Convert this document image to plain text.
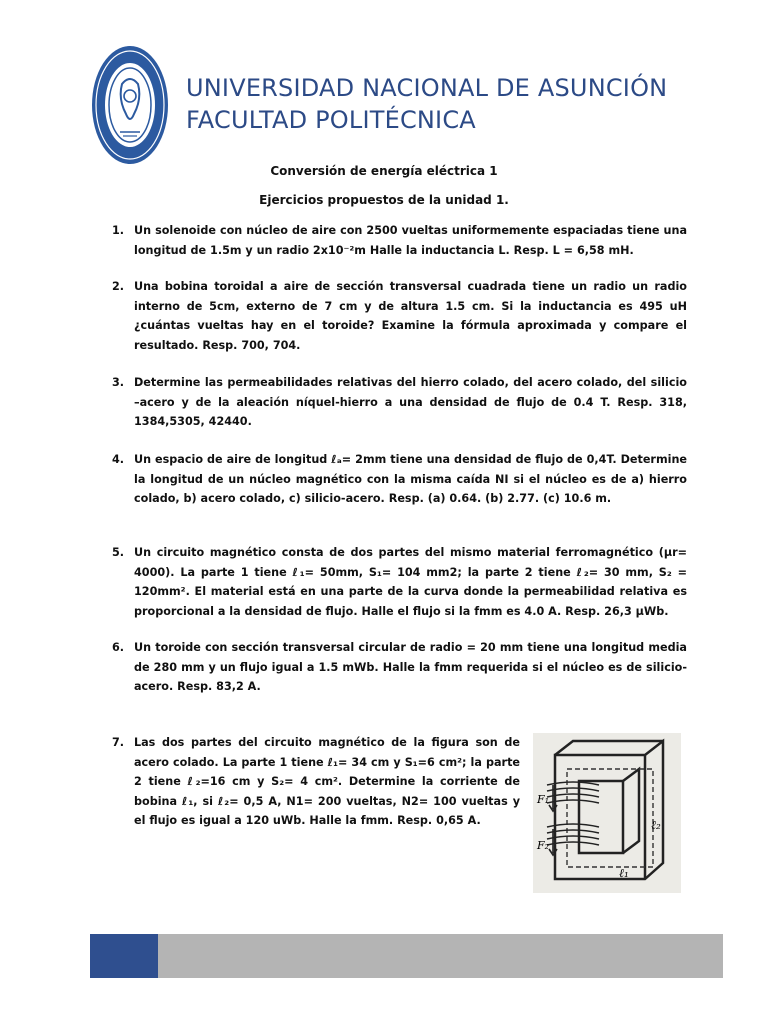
UNIVERSIDAD NACIONAL DE ASUNCIÓN
FACULTAD POLITÉCNICA
Conversión de energía eléctrica 1
Ejercicios propuestos de la unidad 1.
1. Un solenoide con núcleo de aire con 2500 vueltas uniformemente espaciadas tiene una longitud de 1.5m y un radio 2x10⁻²m Halle la inductancia L. Resp. L = 6,58 mH.
2. Una bobina toroidal a aire de sección transversal cuadrada tiene un radio un radio interno de 5cm, externo de 7 cm y de altura 1.5 cm. Si la inductancia es 495 uH ¿cuántas vueltas hay en el toroide? Examine la fórmula aproximada y compare el resultado. Resp. 700, 704.
3. Determine las permeabilidades relativas del hierro colado, del acero colado, del silicio –acero y de la aleación níquel-hierro a una densidad de flujo de 0.4 T. Resp. 318, 1384,5305, 42440.
4. Un espacio de aire de longitud ℓₐ= 2mm tiene una densidad de flujo de 0,4T. Determine la longitud de un núcleo magnético con la misma caída NI si el núcleo es de a) hierro colado, b) acero colado, c) silicio-acero. Resp. (a) 0.64. (b) 2.77. (c) 10.6 m.
5. Un circuito magnético consta de dos partes del mismo material ferromagnético (μr= 4000). La parte 1 tiene ℓ₁= 50mm, S₁= 104 mm2; la parte 2 tiene ℓ₂= 30 mm, S₂ = 120mm². El material está en una parte de la curva donde la permeabilidad relativa es proporcional a la densidad de flujo. Halle el flujo si la fmm es 4.0 A. Resp. 26,3 μWb.
6. Un toroide con sección transversal circular de radio = 20 mm tiene una longitud media de 280 mm y un flujo igual a 1.5 mWb. Halle la fmm requerida si el núcleo es de silicio-acero. Resp. 83,2 A.
7. Las dos partes del circuito magnético de la figura son de acero colado. La parte 1 tiene ℓ₁= 34 cm y S₁=6 cm²; la parte 2 tiene ℓ₂=16 cm y S₂= 4 cm². Determine la corriente de bobina ℓ₁, si ℓ₂= 0,5 A, N1= 200 vueltas, N2= 100 vueltas y el flujo es igual a 120 uWb. Halle la fmm. Resp. 0,65 A.
F₁
F₂
ℓ₂
ℓ₁
